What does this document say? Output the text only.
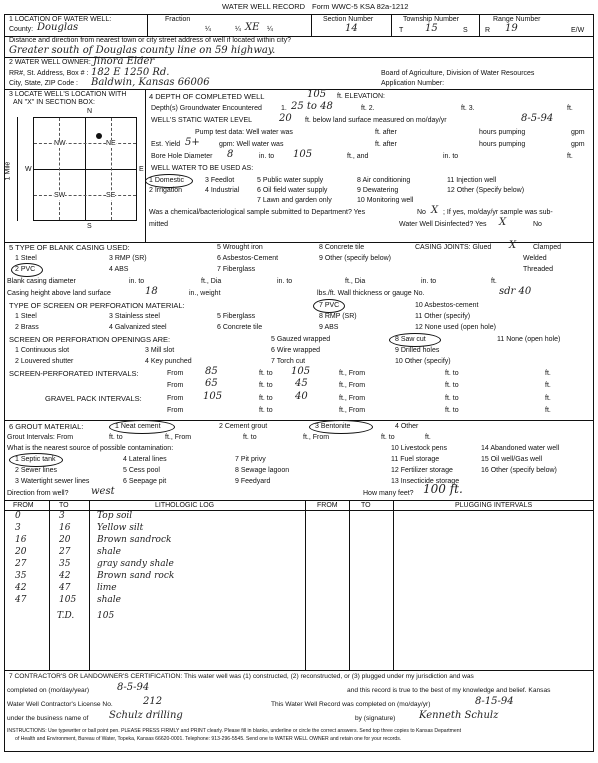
WATER WELL RECORD Form WWC-5 KSA 82a-1212
1 LOCATION OF WATER WELL:	Fraction	Section Number	Township Number	Range Number
County: Douglas	¼	¼ XE ¼	14	T 15	S R 19	E/W
Distance and direction from nearest town or city street address of well if located within city?
Greater south of Douglas county line on 59 highway.
2 WATER WELL OWNER: Jinora Elder
RR#, St. Address, Box # : 182 E 1250 Rd.	Board of Agriculture, Division of Water Resources
City, State, ZIP Code : Baldwin, Kansas 66006	Application Number:
3 LOCATE WELL'S LOCATION WITH
AN "X" IN SECTION BOX:
N
NW	NE
SW	SE
W	E
S
1 Mile
4 DEPTH OF COMPLETED WELL	105 ft. ELEVATION:
Depth(s) Groundwater Encountered	1. 25 to 48	ft. 2.	ft. 3.	ft.
WELL'S STATIC WATER LEVEL	20 ft. below land surface measured on mo/day/yr	8-5-94
Pump test data: Well water was	ft. after	hours pumping	gpm
Est. Yield 5+	gpm: Well water was	ft. after	hours pumping	gpm
Bore Hole Diameter 8	in. to 105	ft., and	in. to	ft.
WELL WATER TO BE USED AS:
1 Domestic	3 Feedlot	5 Public water supply	8 Air conditioning	11 Injection well
2 Irrigation	4 Industrial	6 Oil field water supply	9 Dewatering	12 Other (Specify below)
7 Lawn and garden only	10 Monitoring well
Was a chemical/bacteriological sample submitted to Department? Yes	No X ; If yes, mo/day/yr sample was sub-
mitted	Water Well Disinfected? Yes X	No
5 TYPE OF BLANK CASING USED:	5 Wrought iron	8 Concrete tile	CASING JOINTS: Glued X Clamped
1 Steel	3 RMP (SR)	6 Asbestos-Cement	9 Other (specify below)	Welded
2 PVC	4 ABS	7 Fiberglass	Threaded
Blank casing diameter	in. to	ft., Dia	in. to	ft., Dia	in. to	ft.
Casing height above land surface	18	in., weight	lbs./ft. Wall thickness or gauge No.	sdr 40
TYPE OF SCREEN OR PERFORATION MATERIAL:	7 PVC	10 Asbestos-cement
1 Steel	3 Stainless steel	5 Fiberglass	8 RMP (SR)	11 Other (specify)
2 Brass	4 Galvanized steel	6 Concrete tile	9 ABS	12 None used (open hole)
SCREEN OR PERFORATION OPENINGS ARE:	5 Gauzed wrapped	8 Saw cut	11 None (open hole)
1 Continuous slot	3 Mill slot	6 Wire wrapped	9 Drilled holes
2 Louvered shutter	4 Key punched	7 Torch cut	10 Other (specify)
SCREEN-PERFORATED INTERVALS:	From 85	ft. to 105	ft., From	ft. to	ft.
From 65	ft. to 45	ft., From	ft. to	ft.
GRAVEL PACK INTERVALS:	From 105	ft. to 40	ft., From	ft. to	ft.
From	ft. to	ft., From	ft. to	ft.
6 GROUT MATERIAL:	1 Neat cement	2 Cement grout	3 Bentonite	4 Other
Grout Intervals: From	ft. to	ft., From	ft. to	ft., From	ft. to	ft.
What is the nearest source of possible contamination:	10 Livestock pens	14 Abandoned water well
1 Septic tank	4 Lateral lines	7 Pit privy	11 Fuel storage	15 Oil well/Gas well
2 Sewer lines	5 Cess pool	8 Sewage lagoon	12 Fertilizer storage	16 Other (specify below)
3 Watertight sewer lines	6 Seepage pit	9 Feedyard	13 Insecticide storage
Direction from well? west	How many feet? 100 ft.
FROM	TO	LITHOLOGIC LOG	FROM	TO	PLUGGING INTERVALS
0	3	Top soil
3	16	Yellow silt
16	20	Brown sandrock
20	27	shale
27	35	gray sandy shale
35	42	Brown sand rock
42	47	lime
47	105 shale
T.D.	105
7 CONTRACTOR'S OR LANDOWNER'S CERTIFICATION: This water well was (1) constructed, (2) reconstructed, or (3) plugged under my jurisdiction and was
completed on (mo/day/year)	8-5-94	and this record is true to the best of my knowledge and belief. Kansas
Water Well Contractor's License No.	212	This Water Well Record was completed on (mo/day/yr)	8-15-94
under the business name of Schulz drilling	by (signature) Kenneth Schulz
INSTRUCTIONS: Use typewriter or ball point pen. PLEASE PRESS FIRMLY and PRINT clearly. Please fill in blanks, underline or circle the correct answers. Send top three copies to Kansas Department
of Health and Environment, Bureau of Water, Topeka, Kansas 66620-0001. Telephone: 913-296-5545. Send one to WATER WELL OWNER and retain one for your records.
